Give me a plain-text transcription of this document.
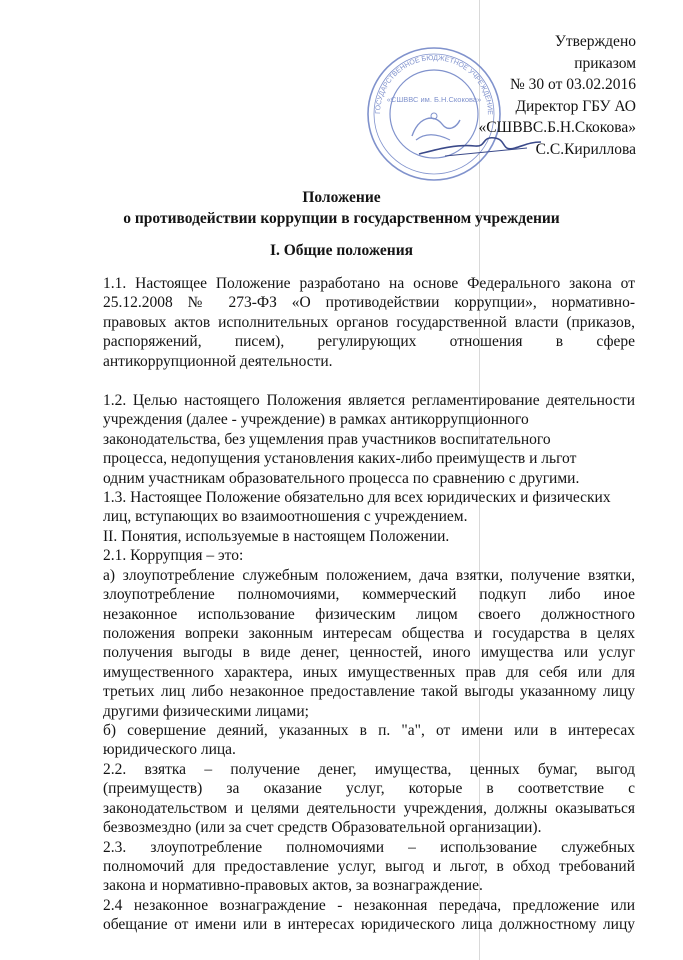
ГОСУДАРСТВЕННОЕ БЮДЖЕТНОЕ УЧРЕЖДЕНИЕ
«СШВВС им. Б.Н.Скокова»
Утверждено
приказом
№ 30 от 03.02.2016
Директор ГБУ АО
«СШВВС.Б.Н.Скокова»
С.С.Кириллова
Положение
о противодействии коррупции в государственном учреждении
I. Общие положения
1.1. Настоящее Положение разработано на основе Федерального закона от
25.12.2008 № 273-ФЗ «О противодействии коррупции», нормативно-
правовых актов исполнительных органов государственной власти (приказов,
распоряжений, писем), регулирующих отношения в сфере
антикоррупционной деятельности.
1.2. Целью настоящего Положения является регламентирование деятельности
учреждения (далее - учреждение) в рамках антикоррупционного
законодательства, без ущемления прав участников воспитательного
процесса, недопущения установления каких-либо преимуществ и льгот
одним участникам образовательного процесса по сравнению с другими.
1.3. Настоящее Положение обязательно для всех юридических и физических
лиц, вступающих во взаимоотношения с учреждением.
II. Понятия, используемые в настоящем Положении.
2.1. Коррупция – это:
а) злоупотребление служебным положением, дача взятки, получение взятки,
злоупотребление полномочиями, коммерческий подкуп либо иное
незаконное использование физическим лицом своего должностного
положения вопреки законным интересам общества и государства в целях
получения выгоды в виде денег, ценностей, иного имущества или услуг
имущественного характера, иных имущественных прав для себя или для
третьих лиц либо незаконное предоставление такой выгоды указанному лицу
другими физическими лицами;
б) совершение деяний, указанных в п. "а", от имени или в интересах
юридического лица.
2.2. взятка – получение денег, имущества, ценных бумаг, выгод
(преимуществ) за оказание услуг, которые в соответствие с
законодательством и целями деятельности учреждения, должны оказываться
безвозмездно (или за счет средств Образовательной организации).
2.3. злоупотребление полномочиями – использование служебных
полномочий для предоставление услуг, выгод и льгот, в обход требований
закона и нормативно-правовых актов, за вознаграждение.
2.4 незаконное вознаграждение - незаконная передача, предложение или
обещание от имени или в интересах юридического лица должностному лицу
